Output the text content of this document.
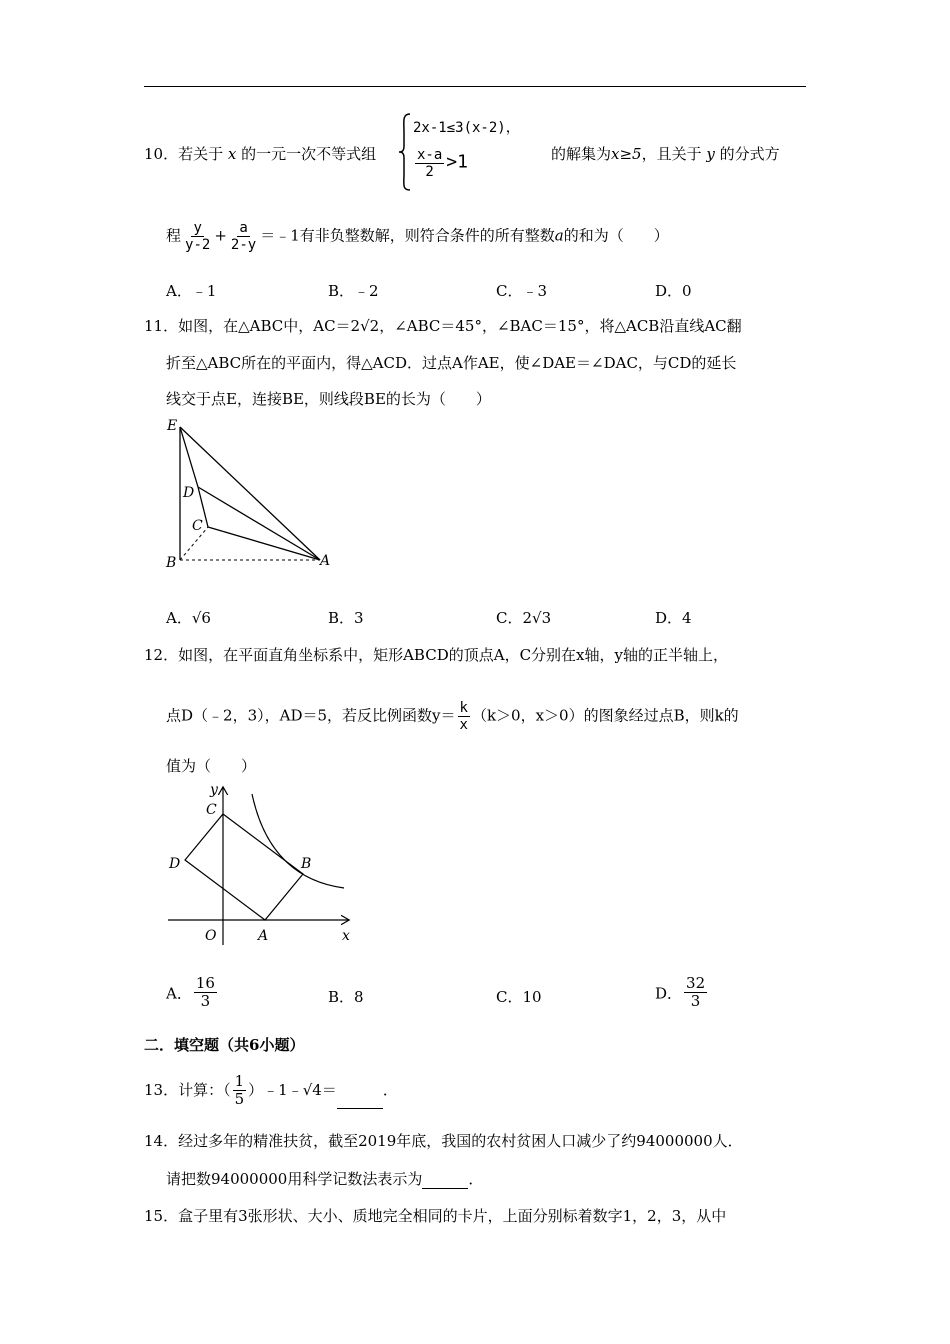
10．若关于 x 的一元一次不等式组
2x-1≤3(x-2)，
$\frac{x-a}{2} >1$	的解集为x≥5，且关于 y 的分式方
程 $\frac{y}{y-2} + \frac{a}{2-y}$ ＝﹣1有非负整数解，则符合条件的所有整数a的和为（　　）
A．﹣1	B．﹣2	C．﹣3	D．0
11．如图，在△ABC中，AC＝2√2，∠ABC＝45°，∠BAC＝15°，将△ACB沿直线AC翻
折至△ABC所在的平面内，得△ACD．过点A作AE，使∠DAE＝∠DAC，与CD的延长
线交于点E，连接BE，则线段BE的长为（　　）
E
D
C
B	A
A．√6	B．3	C．2√3	D．4
12．如图，在平面直角坐标系中，矩形ABCD的顶点A，C分别在x轴，y轴的正半轴上，
点D（﹣2，3），AD＝5，若反比例函数$y= \frac{k}{x} (k>0$，x＞0）的图象经过点B，则k的
值为（　　）
y
C
D	B
O	A	x
A． $\frac{16}{3}$	B．8	C．10	D． $\frac{32}{3}$
二．填空题（共6小题）
13．计算：（ $\frac{1}{5}$ ）﹣1﹣√4＝	．
14．经过多年的精准扶贫，截至2019年底，我国的农村贫困人口减少了约94000000人．
请把数94000000用科学记数法表示为	．
15．盒子里有3张形状、大小、质地完全相同的卡片，上面分别标着数字1，2，3，从中
